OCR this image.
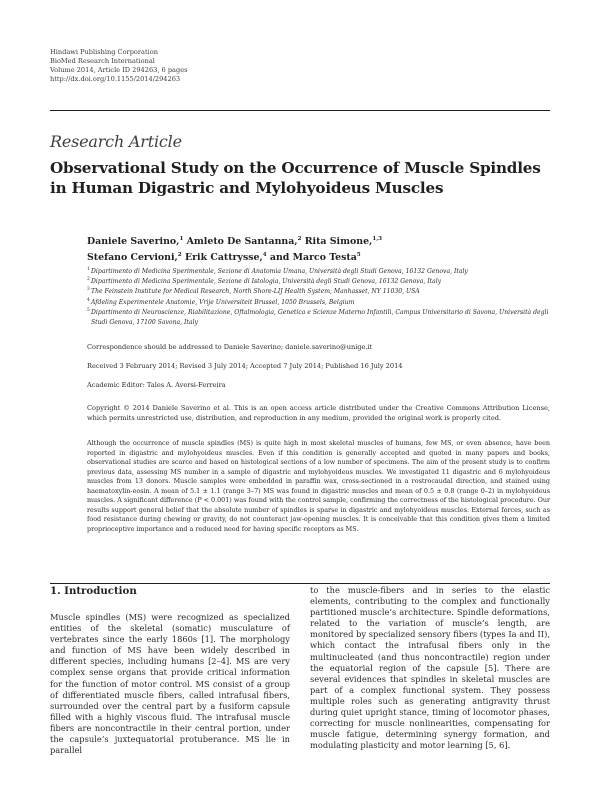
Hindawi Publishing Corporation
BioMed Research International
Volume 2014, Article ID 294263, 6 pages
http://dx.doi.org/10.1155/2014/294263
Research Article
Observational Study on the Occurrence of Muscle Spindles in Human Digastric and Mylohyoideus Muscles
Daniele Saverino,$^1$ Amleto De Santanna,$^2$ Rita Simone,$^{1,3}$
Stefano Cervioni,$^2$ Erik Cattrysse,$^4$ and Marco Testa$^5$
1 Dipartimento di Medicina Sperimentale, Sezione di Anatomia Umana, Università degli Studi Genova, 16132 Genova, Italy
2 Dipartimento di Medicina Sperimentale, Sezione di Istologia, Università degli Studi Genova, 16132 Genova, Italy
3 The Feinstein Institute for Medical Research, North Shore-LIJ Health System, Manhasset, NY 11030, USA
4 Afdeling Experimentele Anatomie, Vrije Universiteit Brussel, 1050 Brussels, Belgium
5 Dipartimento di Neuroscienze, Riabilitazione, Oftalmologia, Genetica e Scienze Materno Infantili, Campus Universitario di Savona, Università degli Studi Genova, 17100 Savona, Italy
Correspondence should be addressed to Daniele Saverino; daniele.saverino@unige.it
Received 3 February 2014; Revised 3 July 2014; Accepted 7 July 2014; Published 16 July 2014
Academic Editor: Tales A. Aversi-Ferreira
Copyright © 2014 Daniele Saverino et al. This is an open access article distributed under the Creative Commons Attribution License, which permits unrestricted use, distribution, and reproduction in any medium, provided the original work is properly cited.
Although the occurrence of muscle spindles (MS) is quite high in most skeletal muscles of humans, few MS, or even absence, have been reported in digastric and mylohyoideus muscles. Even if this condition is generally accepted and quoted in many papers and books, observational studies are scarce and based on histological sections of a low number of specimens. The aim of the present study is to confirm previous data, assessing MS number in a sample of digastric and mylohyoideus muscles. We investigated 11 digastric and 6 mylohyoideus muscles from 13 donors. Muscle samples were embedded in paraffin wax, cross-sectioned in a rostrocaudal direction, and stained using haematoxylin-eosin. A mean of 5.1 ± 1.1 (range 3–7) MS was found in digastric muscles and mean of 0.5 ± 0.8 (range 0–2) in mylohyoideus muscles. A significant difference (P < 0.001) was found with the control sample, confirming the correctness of the histological procedure. Our results support general belief that the absolute number of spindles is sparse in digastric and mylohyoideus muscles. External forces, such as food resistance during chewing or gravity, do not counteract jaw-opening muscles. It is conceivable that this condition gives them a limited proprioceptive importance and a reduced need for having specific receptors as MS.
1. Introduction
Muscle spindles (MS) were recognized as specialized entities of the skeletal (somatic) musculature of vertebrates since the early 1860s [1]. The morphology and function of MS have been widely described in different species, including humans [2–4]. MS are very complex sense organs that provide critical information for the function of motor control. MS consist of a group of differentiated muscle fibers, called intrafusal fibers, surrounded over the central part by a fusiform capsule filled with a highly viscous fluid. The intrafusal muscle fibers are noncontractile in their central portion, under the capsule’s juxtequatorial protuberance. MS lie in parallel
to the muscle-fibers and in series to the elastic elements, contributing to the complex and functionally partitioned muscle’s architecture. Spindle deformations, related to the variation of muscle’s length, are monitored by specialized sensory fibers (types Ia and II), which contact the intrafusal fibers only in the multinucleated (and thus noncontractile) region under the equatorial region of the capsule [5]. There are several evidences that spindles in skeletal muscles are part of a complex functional system. They possess multiple roles such as generating antigravity thrust during quiet upright stance, timing of locomotor phases, correcting for muscle nonlinearities, compensating for muscle fatigue, determining synergy formation, and modulating plasticity and motor learning [5, 6].
